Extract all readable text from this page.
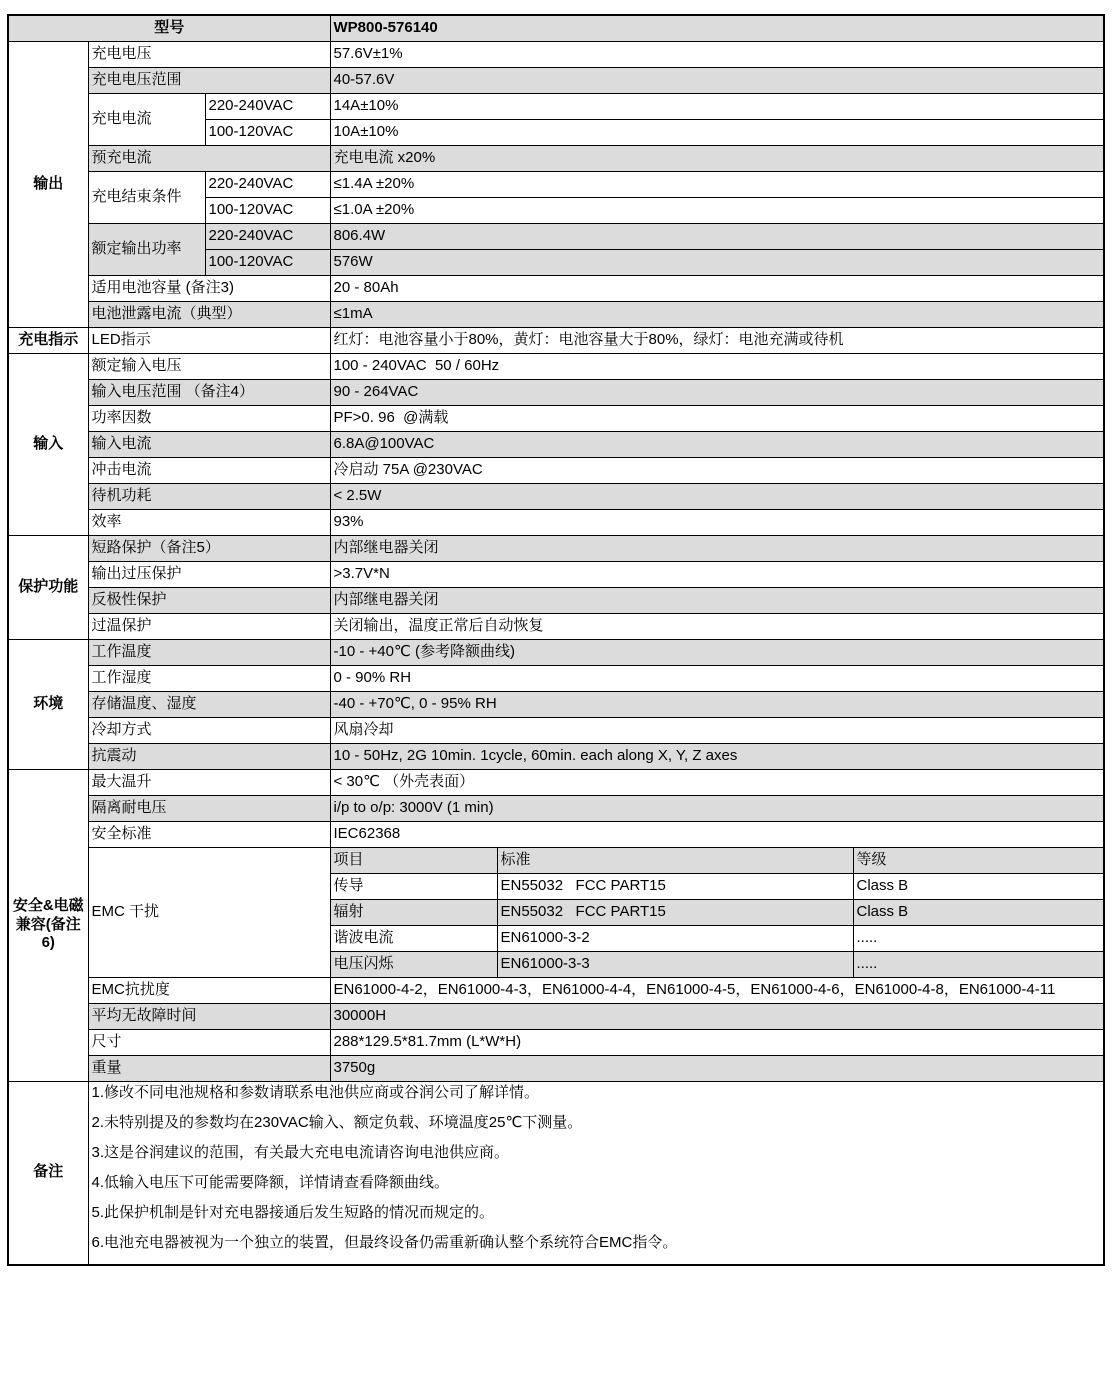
型号			WP800-576140		
输出	充电电压		57.6V±1%		
	充电电压范围		40-57.6V		
	充电电流	220-240VAC	14A±10%		
		100-120VAC	10A±10%		
	预充电流		充电电流 x20%		
	充电结束条件	220-240VAC	≤1.4A ±20%		
		100-120VAC	≤1.0A ±20%		
	额定输出功率	220-240VAC	806.4W		
		100-120VAC	576W		
	适用电池容量 (备注3)		20 - 80Ah		
	电池泄露电流（典型）		≤1mA		
充电指示	LED指示		红灯：电池容量小于80%，黄灯：电池容量大于80%，绿灯：电池充满或待机		
输入	额定输入电压		100 - 240VAC  50 / 60Hz		
	输入电压范围 （备注4）		90 - 264VAC		
	功率因数		PF>0. 96  @满载		
	输入电流		6.8A@100VAC		
	冲击电流		冷启动 75A @230VAC		
	待机功耗		< 2.5W		
	效率		93%		
保护功能	短路保护（备注5）		内部继电器关闭		
	输出过压保护		>3.7V*N		
	反极性保护		内部继电器关闭		
	过温保护		关闭输出，温度正常后自动恢复		
环境	工作温度		-10 - +40℃ (参考降额曲线)		
	工作湿度		0 - 90% RH		
	存储温度、湿度		-40 - +70℃, 0 - 95% RH		
	冷却方式		风扇冷却		
	抗震动		10 - 50Hz, 2G 10min. 1cycle, 60min. each along X, Y, Z axes		
安全&电磁兼容(备注6)	最大温升		< 30℃ （外壳表面）		
	隔离耐电压		i/p to o/p: 3000V (1 min)		
	安全标准		IEC62368		
	EMC 干扰		项目	标准	等级
			传导	EN55032   FCC PART15	Class B
			辐射	EN55032   FCC PART15	Class B
			谐波电流	EN61000-3-2	.....
			电压闪烁	EN61000-3-3	.....
	EMC抗扰度		EN61000-4-2，EN61000-4-3，EN61000-4-4，EN61000-4-5，EN61000-4-6，EN61000-4-8，EN61000-4-11		
	平均无故障时间		30000H		
	尺寸		288*129.5*81.7mm (L*W*H)		
	重量		3750g		
备注	
1.修改不同电池规格和参数请联系电池供应商或谷润公司了解详情。
2.未特别提及的参数均在230VAC输入、额定负载、环境温度25℃下测量。
3.这是谷润建议的范围，有关最大充电电流请咨询电池供应商。
4.低输入电压下可能需要降额，详情请查看降额曲线。
5.此保护机制是针对充电器接通后发生短路的情况而规定的。
6.电池充电器被视为一个独立的装置，但最终设备仍需重新确认整个系统符合EMC指令。
